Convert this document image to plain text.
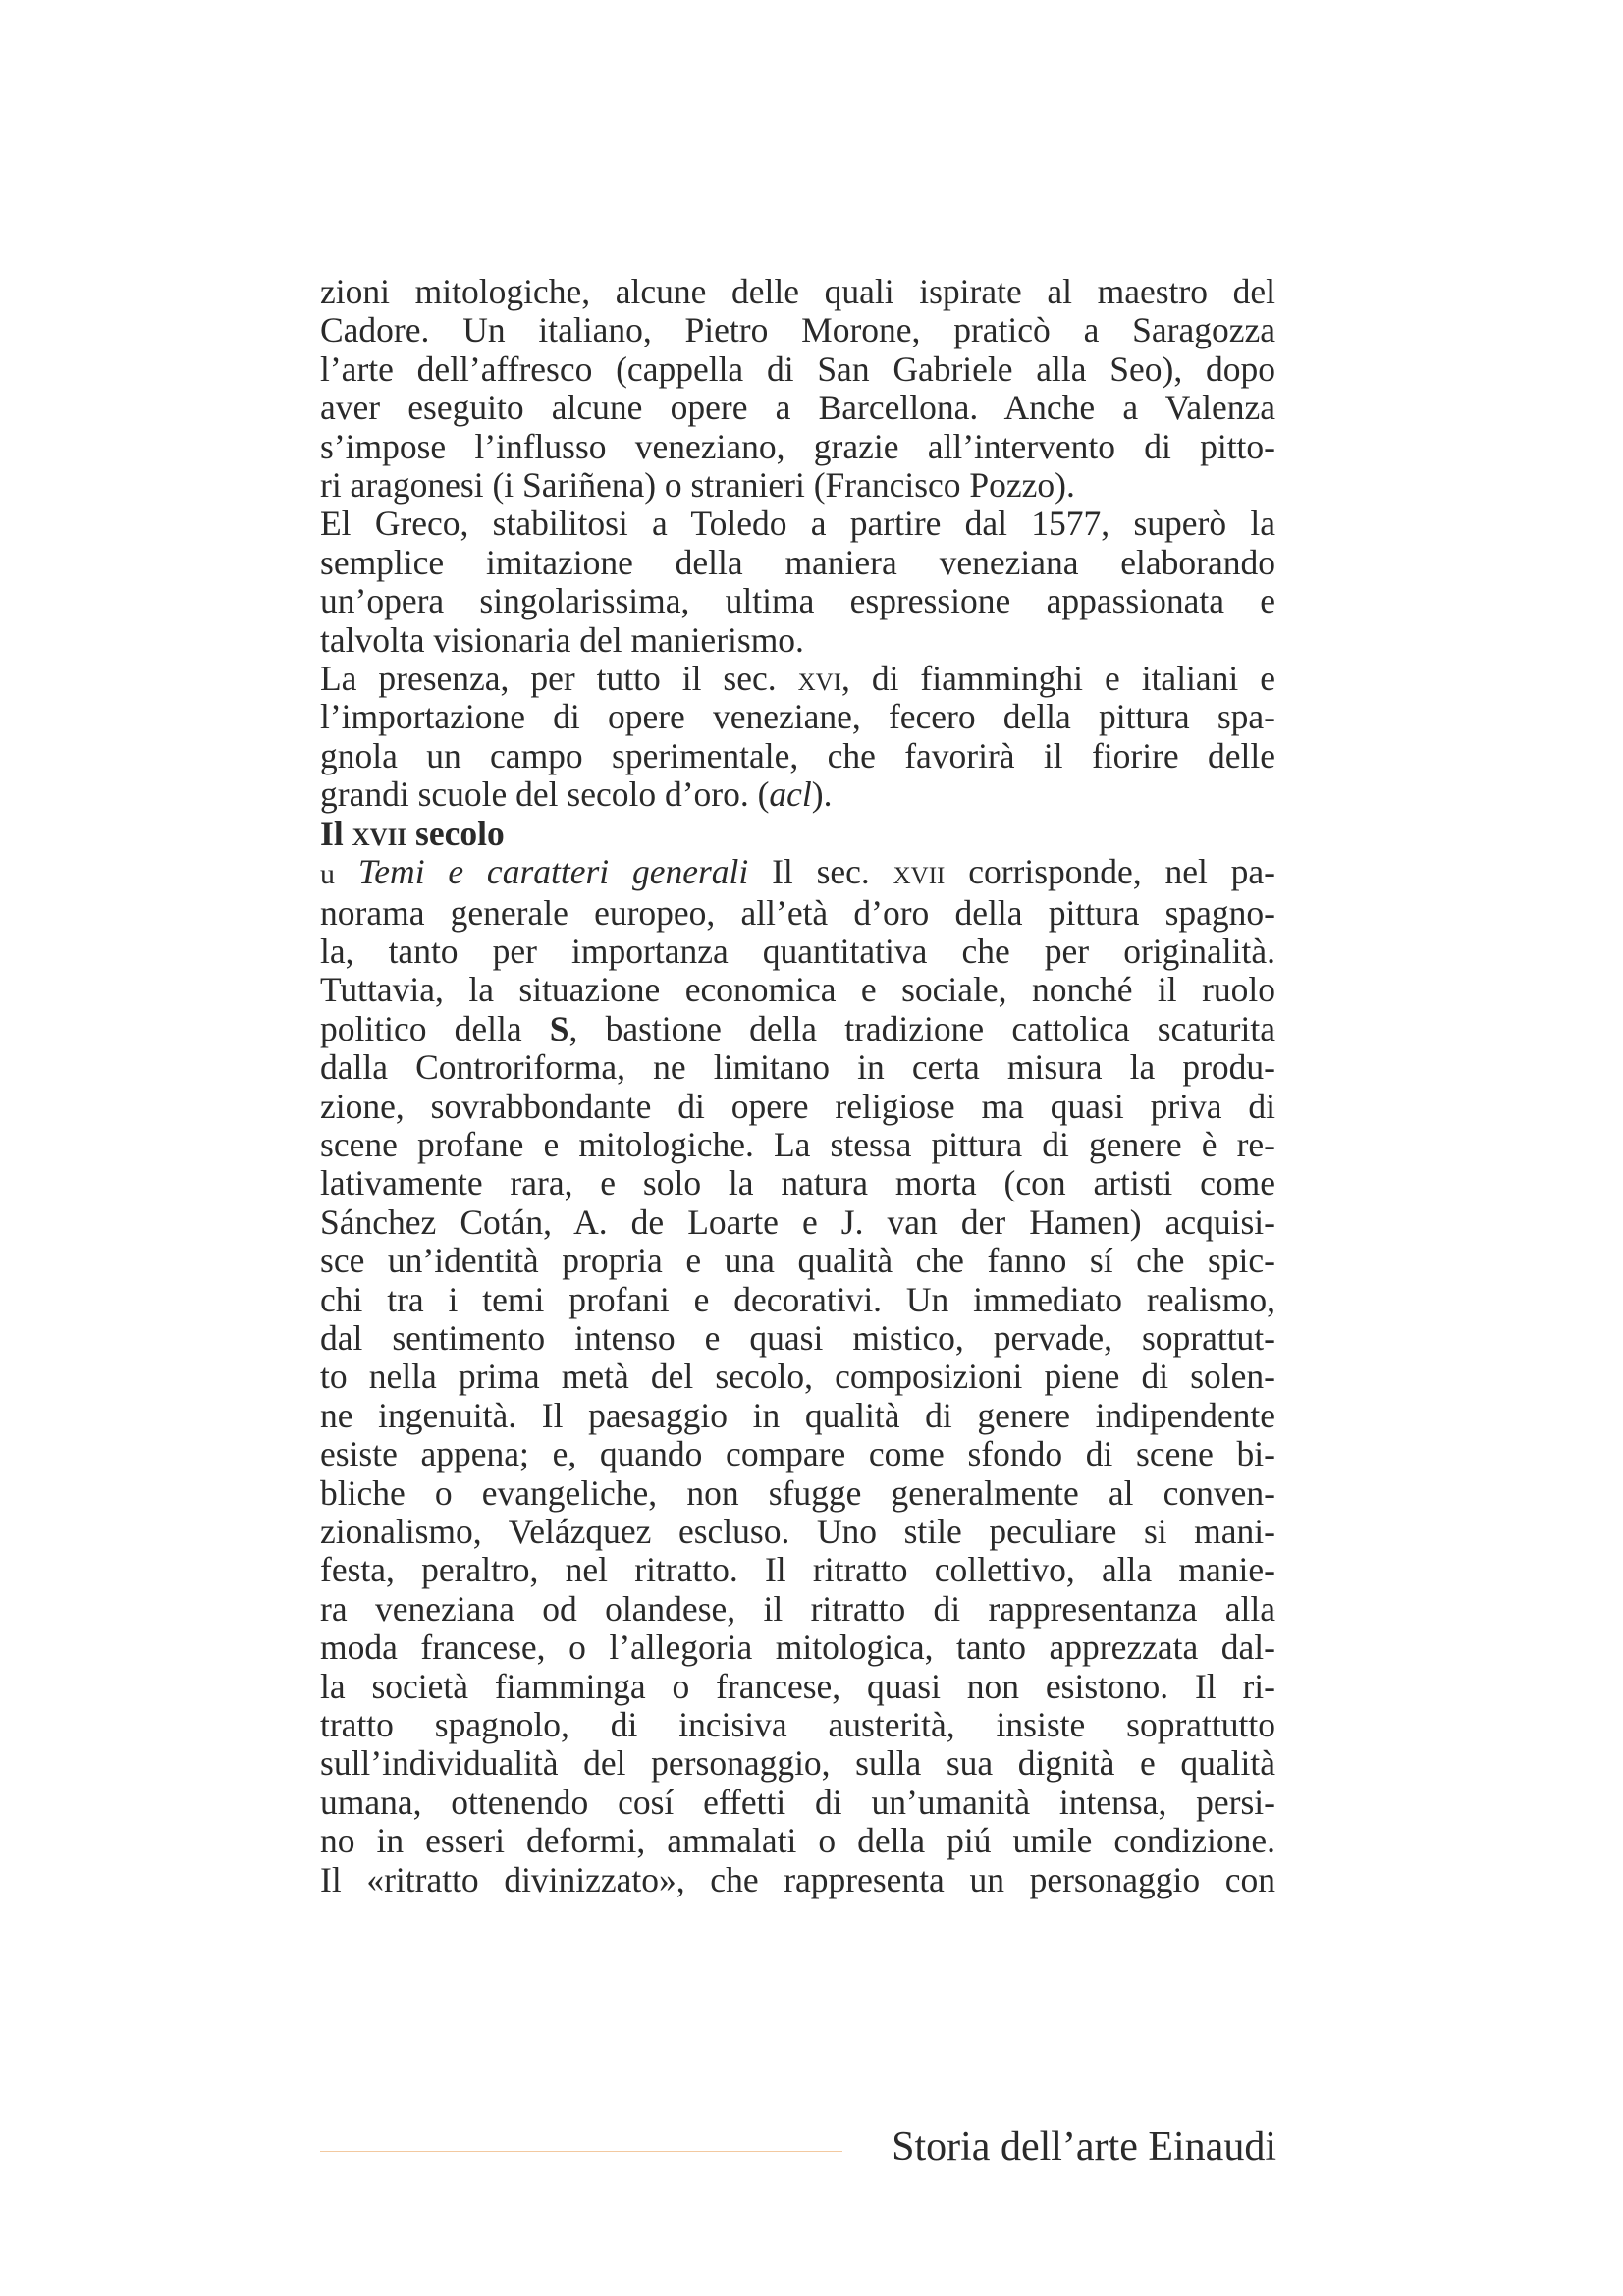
zioni mitologiche, alcune delle quali ispirate al maestro del
Cadore. Un italiano, Pietro Morone, praticò a Saragozza
l’arte dell’affresco (cappella di San Gabriele alla Seo), dopo
aver eseguito alcune opere a Barcellona. Anche a Valenza
s’impose l’influsso veneziano, grazie all’intervento di pitto-
ri aragonesi (i Sariñena) o stranieri (Francisco Pozzo).
El Greco, stabilitosi a Toledo a partire dal 1577, superò la
semplice imitazione della maniera veneziana elaborando
un’opera singolarissima, ultima espressione appassionata e
talvolta visionaria del manierismo.
La presenza, per tutto il sec. xvi, di fiamminghi e italiani e
l’importazione di opere veneziane, fecero della pittura spa-
gnola un campo sperimentale, che favorirà il fiorire delle
grandi scuole del secolo d’oro. (acl).
Il xvii secolo
u Temi e caratteri generali Il sec. xvii corrisponde, nel pa-
norama generale europeo, all’età d’oro della pittura spagno-
la, tanto per importanza quantitativa che per originalità.
Tuttavia, la situazione economica e sociale, nonché il ruolo
politico della S, bastione della tradizione cattolica scaturita
dalla Controriforma, ne limitano in certa misura la produ-
zione, sovrabbondante di opere religiose ma quasi priva di
scene profane e mitologiche. La stessa pittura di genere è re-
lativamente rara, e solo la natura morta (con artisti come
Sánchez Cotán, A. de Loarte e J. van der Hamen) acquisi-
sce un’identità propria e una qualità che fanno sí che spic-
chi tra i temi profani e decorativi. Un immediato realismo,
dal sentimento intenso e quasi mistico, pervade, soprattut-
to nella prima metà del secolo, composizioni piene di solen-
ne ingenuità. Il paesaggio in qualità di genere indipendente
esiste appena; e, quando compare come sfondo di scene bi-
bliche o evangeliche, non sfugge generalmente al conven-
zionalismo, Velázquez escluso. Uno stile peculiare si mani-
festa, peraltro, nel ritratto. Il ritratto collettivo, alla manie-
ra veneziana od olandese, il ritratto di rappresentanza alla
moda francese, o l’allegoria mitologica, tanto apprezzata dal-
la società fiamminga o francese, quasi non esistono. Il ri-
tratto spagnolo, di incisiva austerità, insiste soprattutto
sull’individualità del personaggio, sulla sua dignità e qualità
umana, ottenendo cosí effetti di un’umanità intensa, persi-
no in esseri deformi, ammalati o della piú umile condizione.
Il «ritratto divinizzato», che rappresenta un personaggio con
Storia dell’arte Einaudi
